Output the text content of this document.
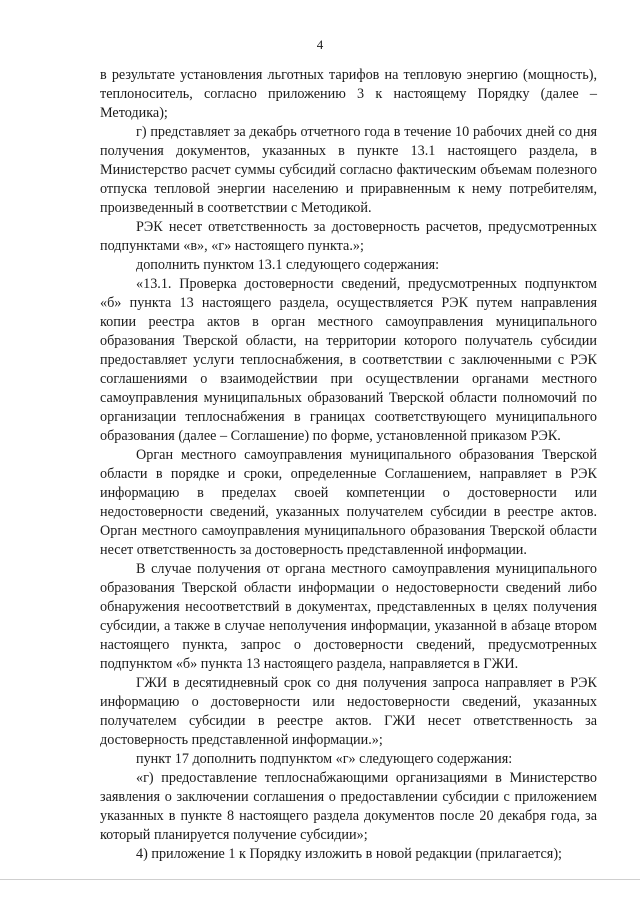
4

в результате установления льготных тарифов на тепловую энергию (мощность), теплоноситель, согласно приложению 3 к настоящему Порядку (далее – Методика);

г) представляет за декабрь отчетного года в течение 10 рабочих дней со дня получения документов, указанных в пункте 13.1 настоящего раздела, в Министерство расчет суммы субсидий согласно фактическим объемам полезного отпуска тепловой энергии населению и приравненным к нему потребителям, произведенный в соответствии с Методикой.

РЭК несет ответственность за достоверность расчетов, предусмотренных подпунктами «в», «г» настоящего пункта.»;

дополнить пунктом 13.1 следующего содержания:

«13.1. Проверка достоверности сведений, предусмотренных подпунктом «б» пункта 13 настоящего раздела, осуществляется РЭК путем направления копии реестра актов в орган местного самоуправления муниципального образования Тверской области, на территории которого получатель субсидии предоставляет услуги теплоснабжения, в соответствии с заключенными с РЭК соглашениями о взаимодействии при осуществлении органами местного самоуправления муниципальных образований Тверской области полномочий по организации теплоснабжения в границах соответствующего муниципального образования (далее – Соглашение) по форме, установленной приказом РЭК.

Орган местного самоуправления муниципального образования Тверской области в порядке и сроки, определенные Соглашением, направляет в РЭК информацию в пределах своей компетенции о достоверности или недостоверности сведений, указанных получателем субсидии в реестре актов. Орган местного самоуправления муниципального образования Тверской области несет ответственность за достоверность представленной информации.

В случае получения от органа местного самоуправления муниципального образования Тверской области информации о недостоверности сведений либо обнаружения несоответствий в документах, представленных в целях получения субсидии, а также в случае неполучения информации, указанной в абзаце втором настоящего пункта, запрос о достоверности сведений, предусмотренных подпунктом «б» пункта 13 настоящего раздела, направляется в ГЖИ.

ГЖИ в десятидневный срок со дня получения запроса направляет в РЭК информацию о достоверности или недостоверности сведений, указанных получателем субсидии в реестре актов. ГЖИ несет ответственность за достоверность представленной информации.»;

пункт 17 дополнить подпунктом «г» следующего содержания:

«г) предоставление теплоснабжающими организациями в Министерство заявления о заключении соглашения о предоставлении субсидии с приложением указанных в пункте 8 настоящего раздела документов после 20 декабря года, за который планируется получение субсидии»;

4) приложение 1 к Порядку изложить в новой редакции (прилагается);
